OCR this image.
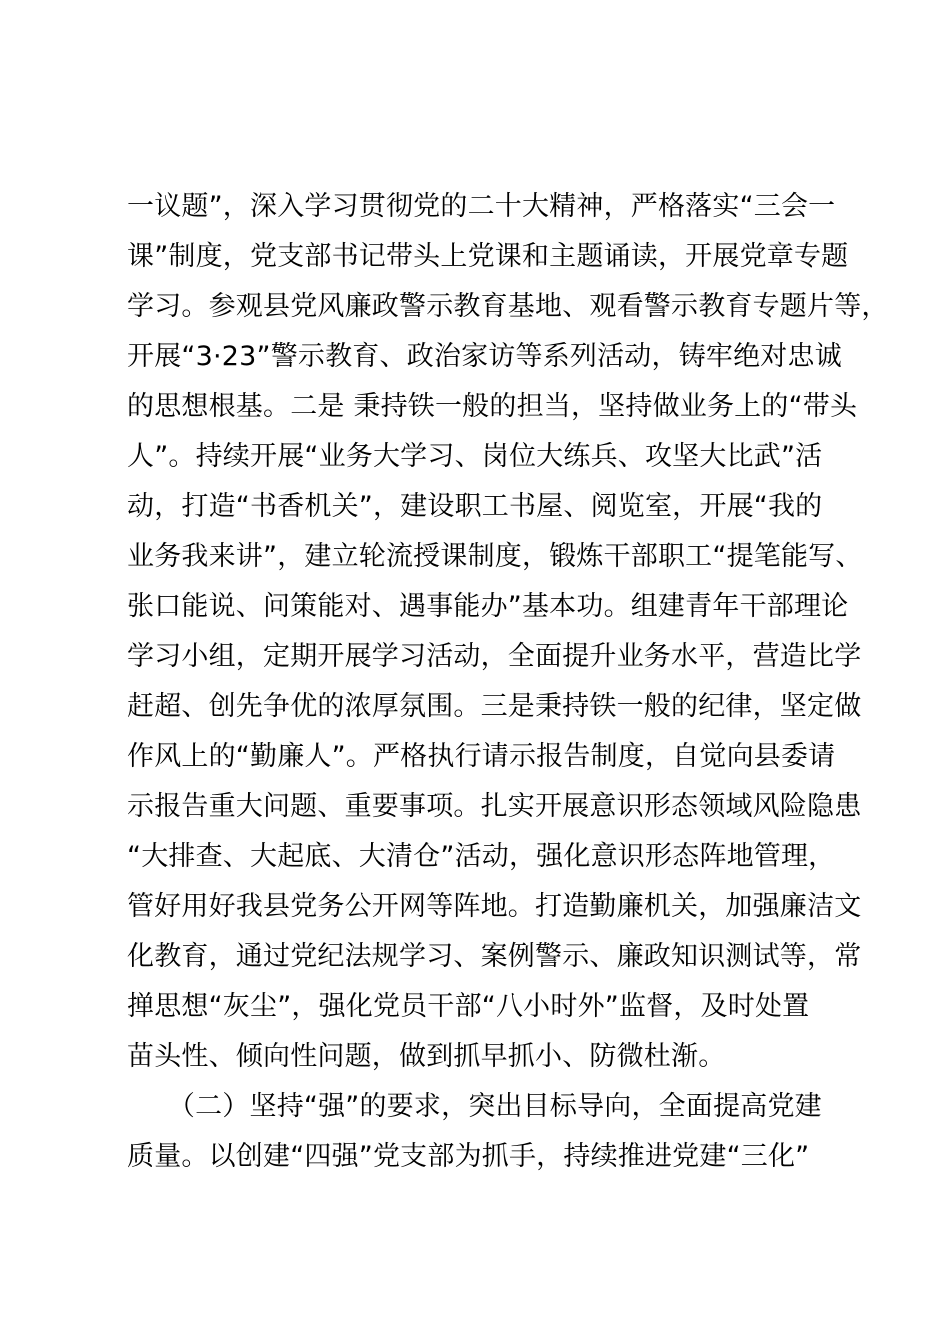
一议题”，深入学习贯彻党的二十大精神，严格落实“三会一
课”制度，党支部书记带头上党课和主题诵读，开展党章专题
学习。参观县党风廉政警示教育基地、观看警示教育专题片等，
开展“3·23”警示教育、政治家访等系列活动，铸牢绝对忠诚
的思想根基。二是 秉持铁一般的担当，坚持做业务上的“带头
人”。持续开展“业务大学习、岗位大练兵、攻坚大比武”活
动，打造“书香机关”，建设职工书屋、阅览室，开展“我的
业务我来讲”，建立轮流授课制度，锻炼干部职工“提笔能写、
张口能说、问策能对、遇事能办”基本功。组建青年干部理论
学习小组，定期开展学习活动，全面提升业务水平，营造比学
赶超、创先争优的浓厚氛围。三是秉持铁一般的纪律，坚定做
作风上的“勤廉人”。严格执行请示报告制度，自觉向县委请
示报告重大问题、重要事项。扎实开展意识形态领域风险隐患
“大排查、大起底、大清仓”活动，强化意识形态阵地管理，
管好用好我县党务公开网等阵地。打造勤廉机关，加强廉洁文
化教育，通过党纪法规学习、案例警示、廉政知识测试等，常
掸思想“灰尘”，强化党员干部“八小时外”监督，及时处置
苗头性、倾向性问题，做到抓早抓小、防微杜渐。
　　（二）坚持“强”的要求，突出目标导向，全面提高党建
质量。以创建“四强”党支部为抓手，持续推进党建“三化”
